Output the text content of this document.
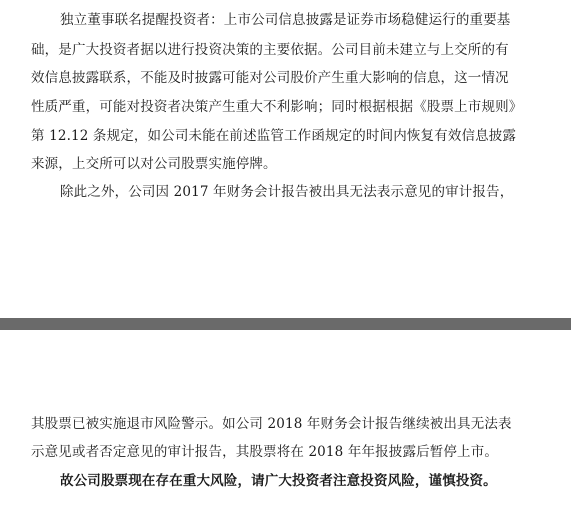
独立董事联名提醒投资者：上市公司信息披露是证券市场稳健运行的重要基
础，是广大投资者据以进行投资决策的主要依据。公司目前未建立与上交所的有
效信息披露联系，不能及时披露可能对公司股价产生重大影响的信息，这一情况
性质严重，可能对投资者决策产生重大不利影响；同时根据根据《股票上市规则》
第 12.12 条规定，如公司未能在前述监管工作函规定的时间内恢复有效信息披露
来源，上交所可以对公司股票实施停牌。
除此之外，公司因 2017 年财务会计报告被出具无法表示意见的审计报告，
其股票已被实施退市风险警示。如公司 2018 年财务会计报告继续被出具无法表
示意见或者否定意见的审计报告，其股票将在 2018 年年报披露后暂停上市。
故公司股票现在存在重大风险，请广大投资者注意投资风险，谨慎投资。
